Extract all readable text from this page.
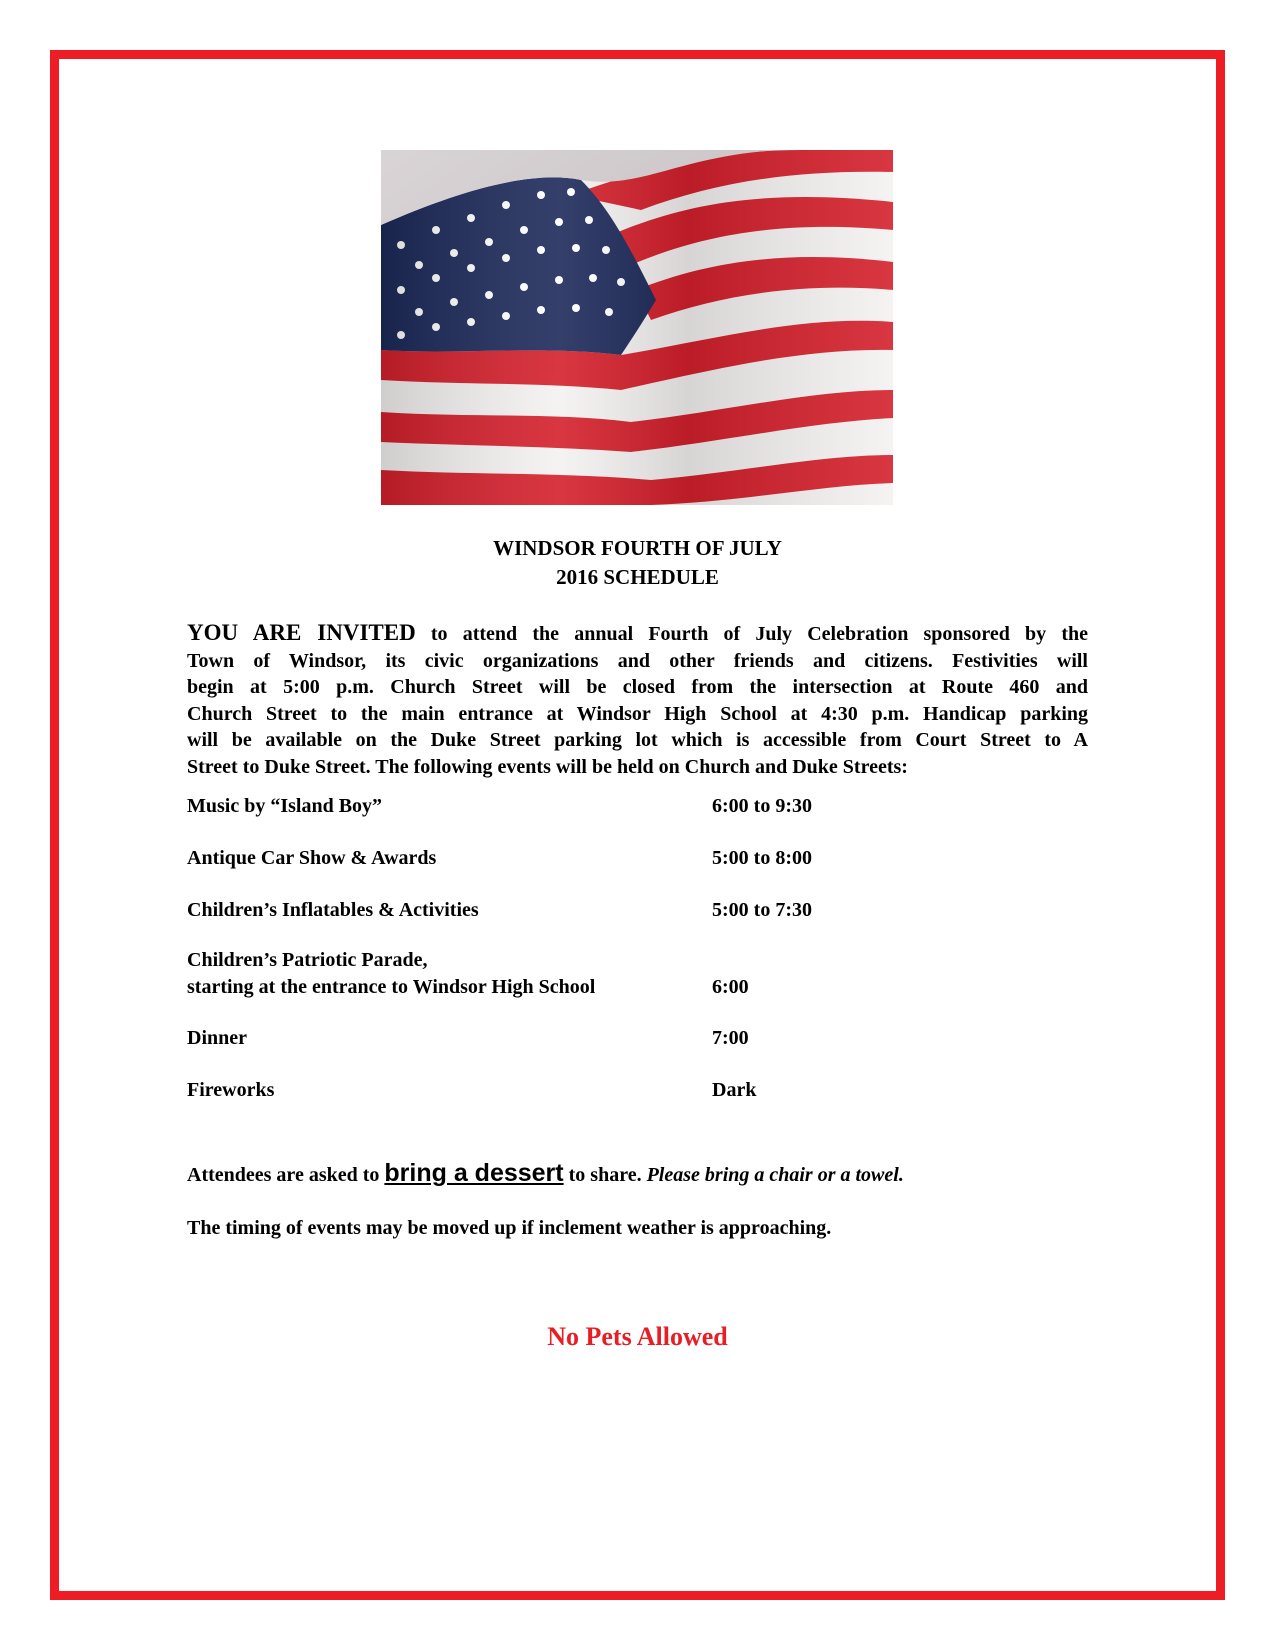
WINDSOR FOURTH OF JULY
2016 SCHEDULE
YOU ARE INVITED to attend the annual Fourth of July Celebration sponsored by the
Town of Windsor, its civic organizations and other friends and citizens. Festivities will
begin at 5:00 p.m. Church Street will be closed from the intersection at Route 460 and
Church Street to the main entrance at Windsor High School at 4:30 p.m. Handicap parking
will be available on the Duke Street parking lot which is accessible from Court Street to A
Street to Duke Street. The following events will be held on Church and Duke Streets:
Music by “Island Boy”	6:00 to 9:30
Antique Car Show & Awards	5:00 to 8:00
Children’s Inflatables & Activities	5:00 to 7:30
Children’s Patriotic Parade,
starting at the entrance to Windsor High School	6:00
Dinner	7:00
Fireworks	Dark
Attendees are asked to bring a dessert to share. Please bring a chair or a towel.
The timing of events may be moved up if inclement weather is approaching.
No Pets Allowed
